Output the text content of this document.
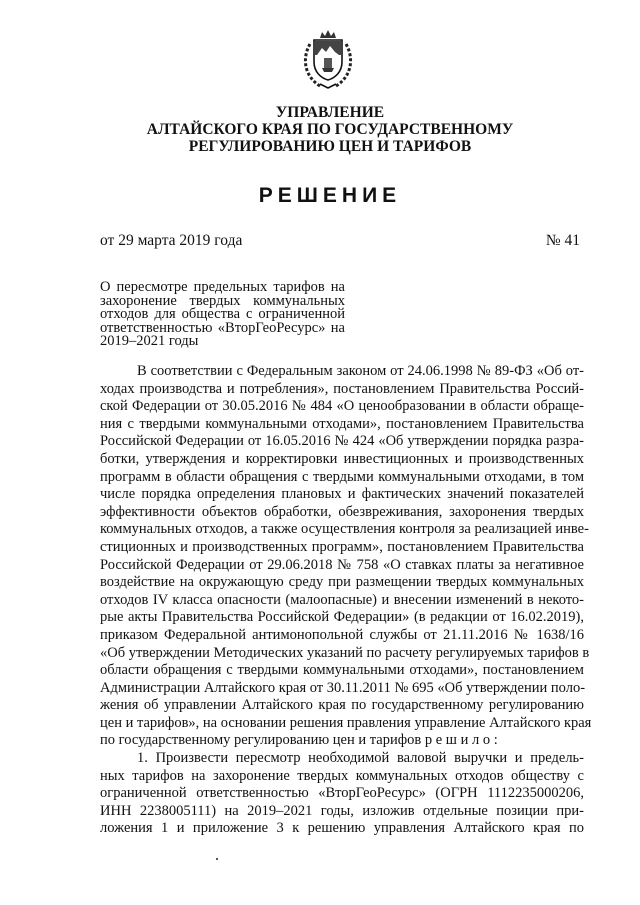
УПРАВЛЕНИЕ
АЛТАЙСКОГО КРАЯ ПО ГОСУДАРСТВЕННОМУ
РЕГУЛИРОВАНИЮ ЦЕН И ТАРИФОВ
РЕШЕНИЕ
от 29 марта 2019 года	№ 41
О пересмотре предельных тарифов на
захоронение твердых коммунальных
отходов для общества с ограниченной
ответственностью «ВторГеоРесурс» на
2019–2021 годы
В соответствии с Федеральным законом от 24.06.1998 № 89-ФЗ «Об от-
ходах производства и потребления», постановлением Правительства Россий-
ской Федерации от 30.05.2016 № 484 «О ценообразовании в области обраще-
ния с твердыми коммунальными отходами», постановлением Правительства
Российской Федерации от 16.05.2016 № 424 «Об утверждении порядка разра-
ботки, утверждения и корректировки инвестиционных и производственных
программ в области обращения с твердыми коммунальными отходами, в том
числе порядка определения плановых и фактических значений показателей
эффективности объектов обработки, обезвреживания, захоронения твердых
коммунальных отходов, а также осуществления контроля за реализацией инве-
стиционных и производственных программ», постановлением Правительства
Российской Федерации от 29.06.2018 № 758 «О ставках платы за негативное
воздействие на окружающую среду при размещении твердых коммунальных
отходов IV класса опасности (малоопасные) и внесении изменений в некото-
рые акты Правительства Российской Федерации» (в редакции от 16.02.2019),
приказом Федеральной антимонопольной службы от 21.11.2016 № 1638/16
«Об утверждении Методических указаний по расчету регулируемых тарифов в
области обращения с твердыми коммунальными отходами», постановлением
Администрации Алтайского края от 30.11.2011 № 695 «Об утверждении поло-
жения об управлении Алтайского края по государственному регулированию
цен и тарифов», на основании решения правления управление Алтайского края
по государственному регулированию цен и тарифов р е ш и л о :
1. Произвести пересмотр необходимой валовой выручки и предель-
ных тарифов на захоронение твердых коммунальных отходов обществу с
ограниченной ответственностью «ВторГеоРесурс» (ОГРН 1112235000206,
ИНН 2238005111) на 2019–2021 годы, изложив отдельные позиции при-
ложения 1 и приложение 3 к решению управления Алтайского края по
